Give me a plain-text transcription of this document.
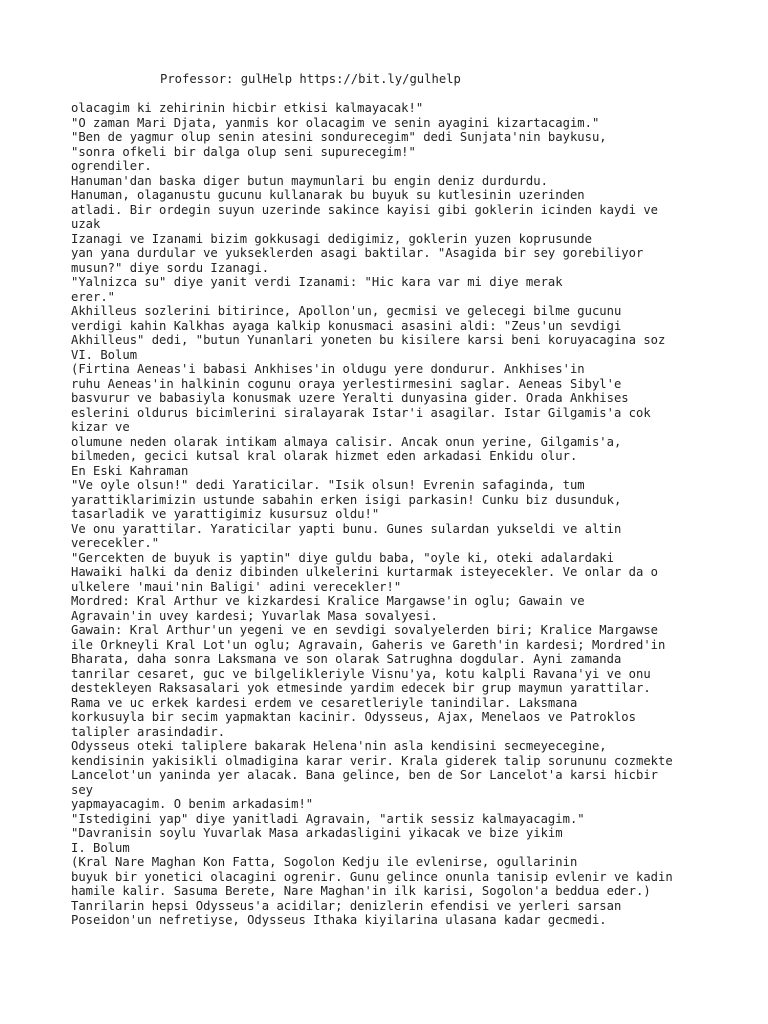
Professor: gulHelp https://bit.ly/gulhelp
olacagim ki zehirinin hicbir etkisi kalmayacak!"
"O zaman Mari Djata, yanmis kor olacagim ve senin ayagini kizartacagim."
"Ben de yagmur olup senin atesini sondurecegim" dedi Sunjata'nin baykusu,
"sonra ofkeli bir dalga olup seni supurecegim!"
ogrendiler.
Hanuman'dan baska diger butun maymunlari bu engin deniz durdurdu.
Hanuman, olaganustu gucunu kullanarak bu buyuk su kutlesinin uzerinden
atladi. Bir ordegin suyun uzerinde sakince kayisi gibi goklerin icinden kaydi ve
uzak
Izanagi ve Izanami bizim gokkusagi dedigimiz, goklerin yuzen koprusunde
yan yana durdular ve yukseklerden asagi baktilar. "Asagida bir sey gorebiliyor
musun?" diye sordu Izanagi.
"Yalnizca su" diye yanit verdi Izanami: "Hic kara var mi diye merak
erer."
Akhilleus sozlerini bitirince, Apollon'un, gecmisi ve gelecegi bilme gucunu
verdigi kahin Kalkhas ayaga kalkip konusmaci asasini aldi: "Zeus'un sevdigi
Akhilleus" dedi, "butun Yunanlari yoneten bu kisilere karsi beni koruyacagina soz
VI. Bolum
(Firtina Aeneas'i babasi Ankhises'in oldugu yere dondurur. Ankhises'in
ruhu Aeneas'in halkinin cogunu oraya yerlestirmesini saglar. Aeneas Sibyl'e
basvurur ve babasiyla konusmak uzere Yeralti dunyasina gider. Orada Ankhises
eslerini oldurus bicimlerini siralayarak Istar'i asagilar. Istar Gilgamis'a cok
kizar ve
olumune neden olarak intikam almaya calisir. Ancak onun yerine, Gilgamis'a,
bilmeden, gecici kutsal kral olarak hizmet eden arkadasi Enkidu olur.
En Eski Kahraman
"Ve oyle olsun!" dedi Yaraticilar. "Isik olsun! Evrenin safaginda, tum
yarattiklarimizin ustunde sabahin erken isigi parkasin! Cunku biz dusunduk,
tasarladik ve yarattigimiz kusursuz oldu!"
Ve onu yarattilar. Yaraticilar yapti bunu. Gunes sulardan yukseldi ve altin
verecekler."
"Gercekten de buyuk is yaptin" diye guldu baba, "oyle ki, oteki adalardaki
Hawaiki halki da deniz dibinden ulkelerini kurtarmak isteyecekler. Ve onlar da o
ulkelere 'maui'nin Baligi' adini verecekler!"
Mordred: Kral Arthur ve kizkardesi Kralice Margawse'in oglu; Gawain ve
Agravain'in uvey kardesi; Yuvarlak Masa sovalyesi.
Gawain: Kral Arthur'un yegeni ve en sevdigi sovalyelerden biri; Kralice Margawse
ile Orkneyli Kral Lot'un oglu; Agravain, Gaheris ve Gareth'in kardesi; Mordred'in
Bharata, daha sonra Laksmana ve son olarak Satrughna dogdular. Ayni zamanda
tanrilar cesaret, guc ve bilgelikleriyle Visnu'ya, kotu kalpli Ravana'yi ve onu
destekleyen Raksasalari yok etmesinde yardim edecek bir grup maymun yarattilar.
Rama ve uc erkek kardesi erdem ve cesaretleriyle tanindilar. Laksmana
korkusuyla bir secim yapmaktan kacinir. Odysseus, Ajax, Menelaos ve Patroklos
talipler arasindadir.
Odysseus oteki taliplere bakarak Helena'nin asla kendisini secmeyecegine,
kendisinin yakisikli olmadigina karar verir. Krala giderek talip sorununu cozmekte
Lancelot'un yaninda yer alacak. Bana gelince, ben de Sor Lancelot'a karsi hicbir
sey
yapmayacagim. O benim arkadasim!"
"Istedigini yap" diye yanitladi Agravain, "artik sessiz kalmayacagim."
"Davranisin soylu Yuvarlak Masa arkadasligini yikacak ve bize yikim
I. Bolum
(Kral Nare Maghan Kon Fatta, Sogolon Kedju ile evlenirse, ogullarinin
buyuk bir yonetici olacagini ogrenir. Gunu gelince onunla tanisip evlenir ve kadin
hamile kalir. Sasuma Berete, Nare Maghan'in ilk karisi, Sogolon'a beddua eder.)
Tanrilarin hepsi Odysseus'a acidilar; denizlerin efendisi ve yerleri sarsan
Poseidon'un nefretiyse, Odysseus Ithaka kiyilarina ulasana kadar gecmedi.
